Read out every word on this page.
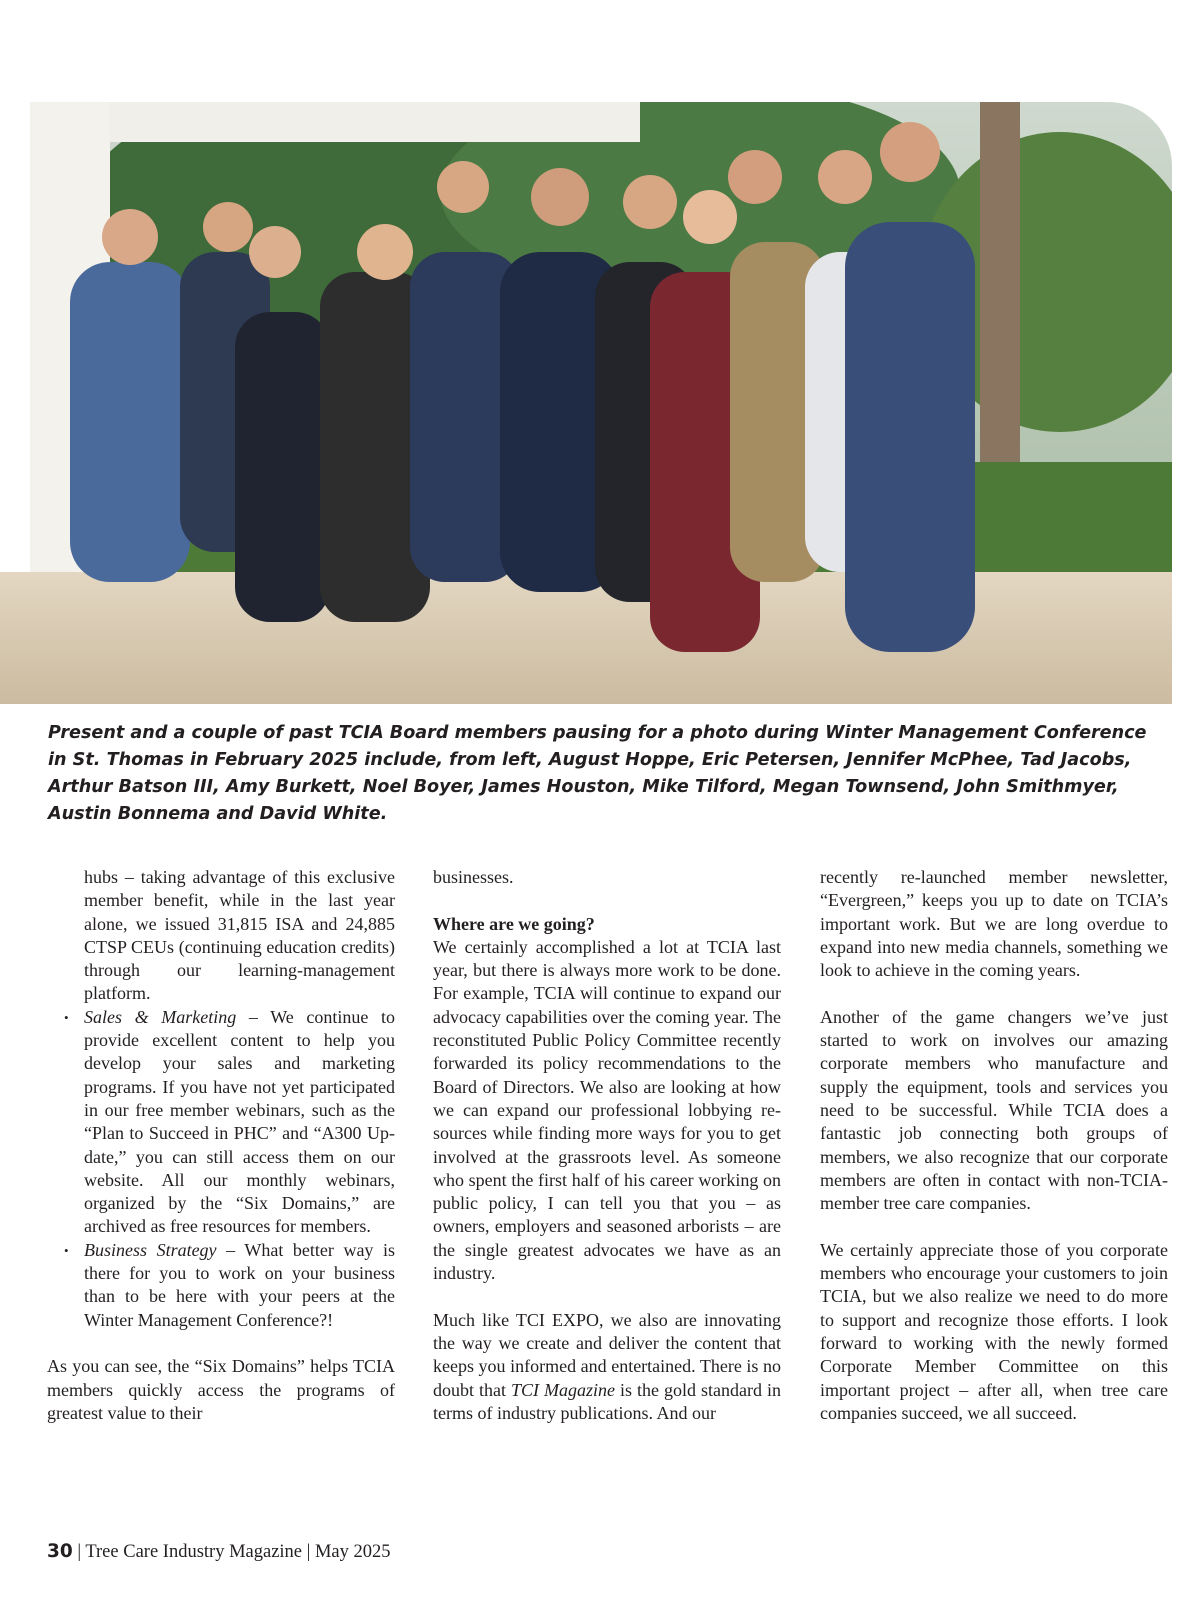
Present and a couple of past TCIA Board members pausing for a photo during Winter Management Conference in St. Thomas in February 2025 include, from left, August Hoppe, Eric Petersen, Jennifer McPhee, Tad Jacobs, Arthur Batson III, Amy Burkett, Noel Boyer, James Houston, Mike Tilford, Megan Townsend, John Smithmyer, Austin Bonnema and David White.

hubs – taking advantage of this exclusive member benefit, while in the last year alone, we issued 31,815 ISA and 24,885 CTSP CEUs (continuing education credits) through our learning-management platform.

• Sales & Marketing – We continue to provide excellent content to help you develop your sales and marketing programs. If you have not yet participated in our free member webinars, such as the “Plan to Succeed in PHC” and “A300 Update,” you can still access them on our website. All our monthly webinars, organized by the “Six Domains,” are archived as free resources for members.

• Business Strategy – What better way is there for you to work on your business than to be here with your peers at the Winter Management Conference?!

As you can see, the “Six Domains” helps TCIA members quickly access the programs of greatest value to their

businesses.

Where are we going?

We certainly accomplished a lot at TCIA last year, but there is always more work to be done. For example, TCIA will continue to expand our advocacy capabilities over the coming year. The reconstituted Public Policy Committee recently forwarded its policy recommendations to the Board of Directors. We also are looking at how we can expand our professional lobbying resources while finding more ways for you to get involved at the grassroots level. As someone who spent the first half of his career working on public policy, I can tell you that you – as owners, employers and seasoned arborists – are the single greatest advocates we have as an industry.

Much like TCI EXPO, we also are innovating the way we create and deliver the content that keeps you informed and entertained. There is no doubt that TCI Magazine is the gold standard in terms of industry publications. And our

recently re-launched member newsletter, “Evergreen,” keeps you up to date on TCIA’s important work. But we are long overdue to expand into new media channels, something we look to achieve in the coming years.

Another of the game changers we’ve just started to work on involves our amazing corporate members who manufacture and supply the equipment, tools and services you need to be successful. While TCIA does a fantastic job connecting both groups of members, we also recognize that our corporate members are often in contact with non-TCIA-member tree care companies.

We certainly appreciate those of you corporate members who encourage your customers to join TCIA, but we also realize we need to do more to support and recognize those efforts. I look forward to working with the newly formed Corporate Member Committee on this important project – after all, when tree care companies succeed, we all succeed.

30 | Tree Care Industry Magazine | May 2025
